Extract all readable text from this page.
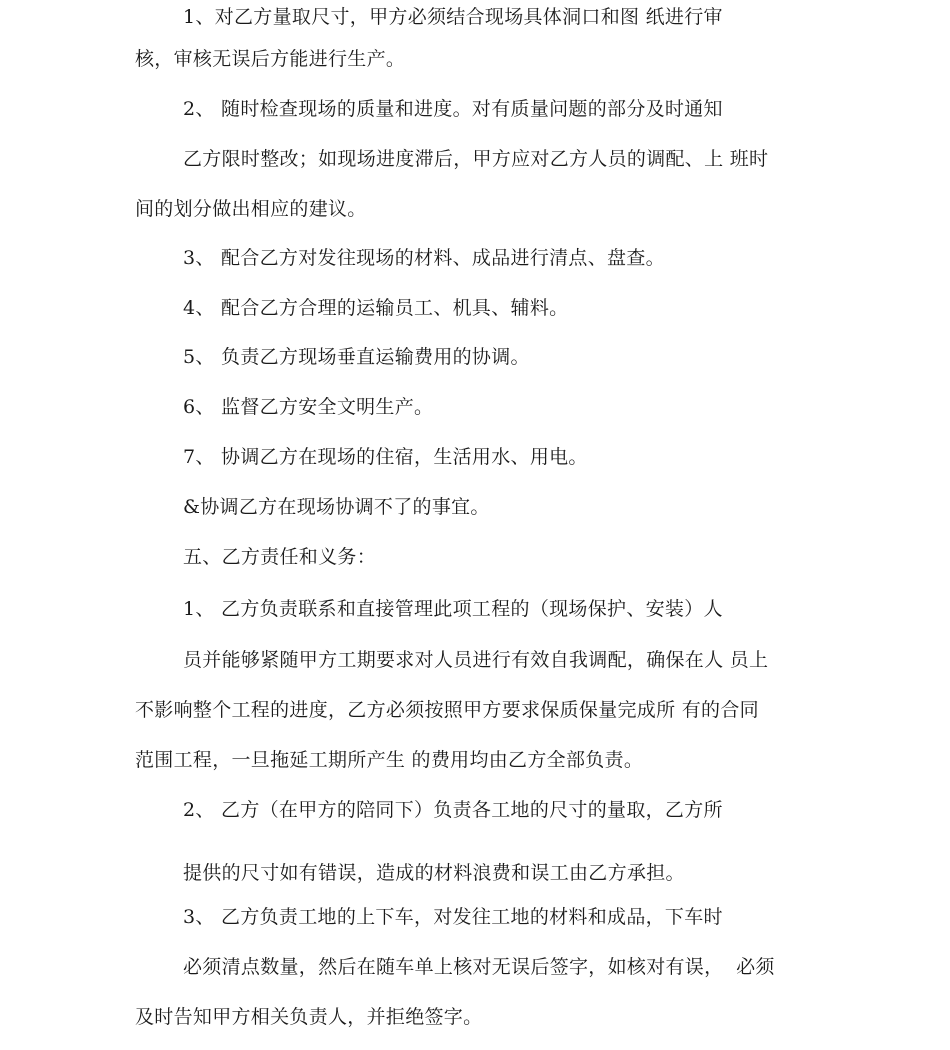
1、对乙方量取尺寸，甲方必须结合现场具体洞口和图 纸进行审
核，审核无误后方能进行生产。
2、 随时检查现场的质量和进度。对有质量问题的部分及时通知
乙方限时整改；如现场进度滞后，甲方应对乙方人员的调配、上 班时
间的划分做出相应的建议。
3、 配合乙方对发往现场的材料、成品进行清点、盘查。
4、 配合乙方合理的运输员工、机具、辅料。
5、 负责乙方现场垂直运输费用的协调。
6、 监督乙方安全文明生产。
7、 协调乙方在现场的住宿，生活用水、用电。
&协调乙方在现场协调不了的事宜。
五、乙方责任和义务：
1、 乙方负责联系和直接管理此项工程的（现场保护、安装）人
员并能够紧随甲方工期要求对人员进行有效自我调配，确保在人 员上
不影响整个工程的进度，乙方必须按照甲方要求保质保量完成所 有的合同
范围工程，一旦拖延工期所产生 的费用均由乙方全部负责。
2、 乙方（在甲方的陪同下）负责各工地的尺寸的量取，乙方所
提供的尺寸如有错误，造成的材料浪费和误工由乙方承担。
3、 乙方负责工地的上下车，对发往工地的材料和成品，下车时
必须清点数量，然后在随车单上核对无误后签字，如核对有误，  必须
及时告知甲方相关负责人，并拒绝签字。
